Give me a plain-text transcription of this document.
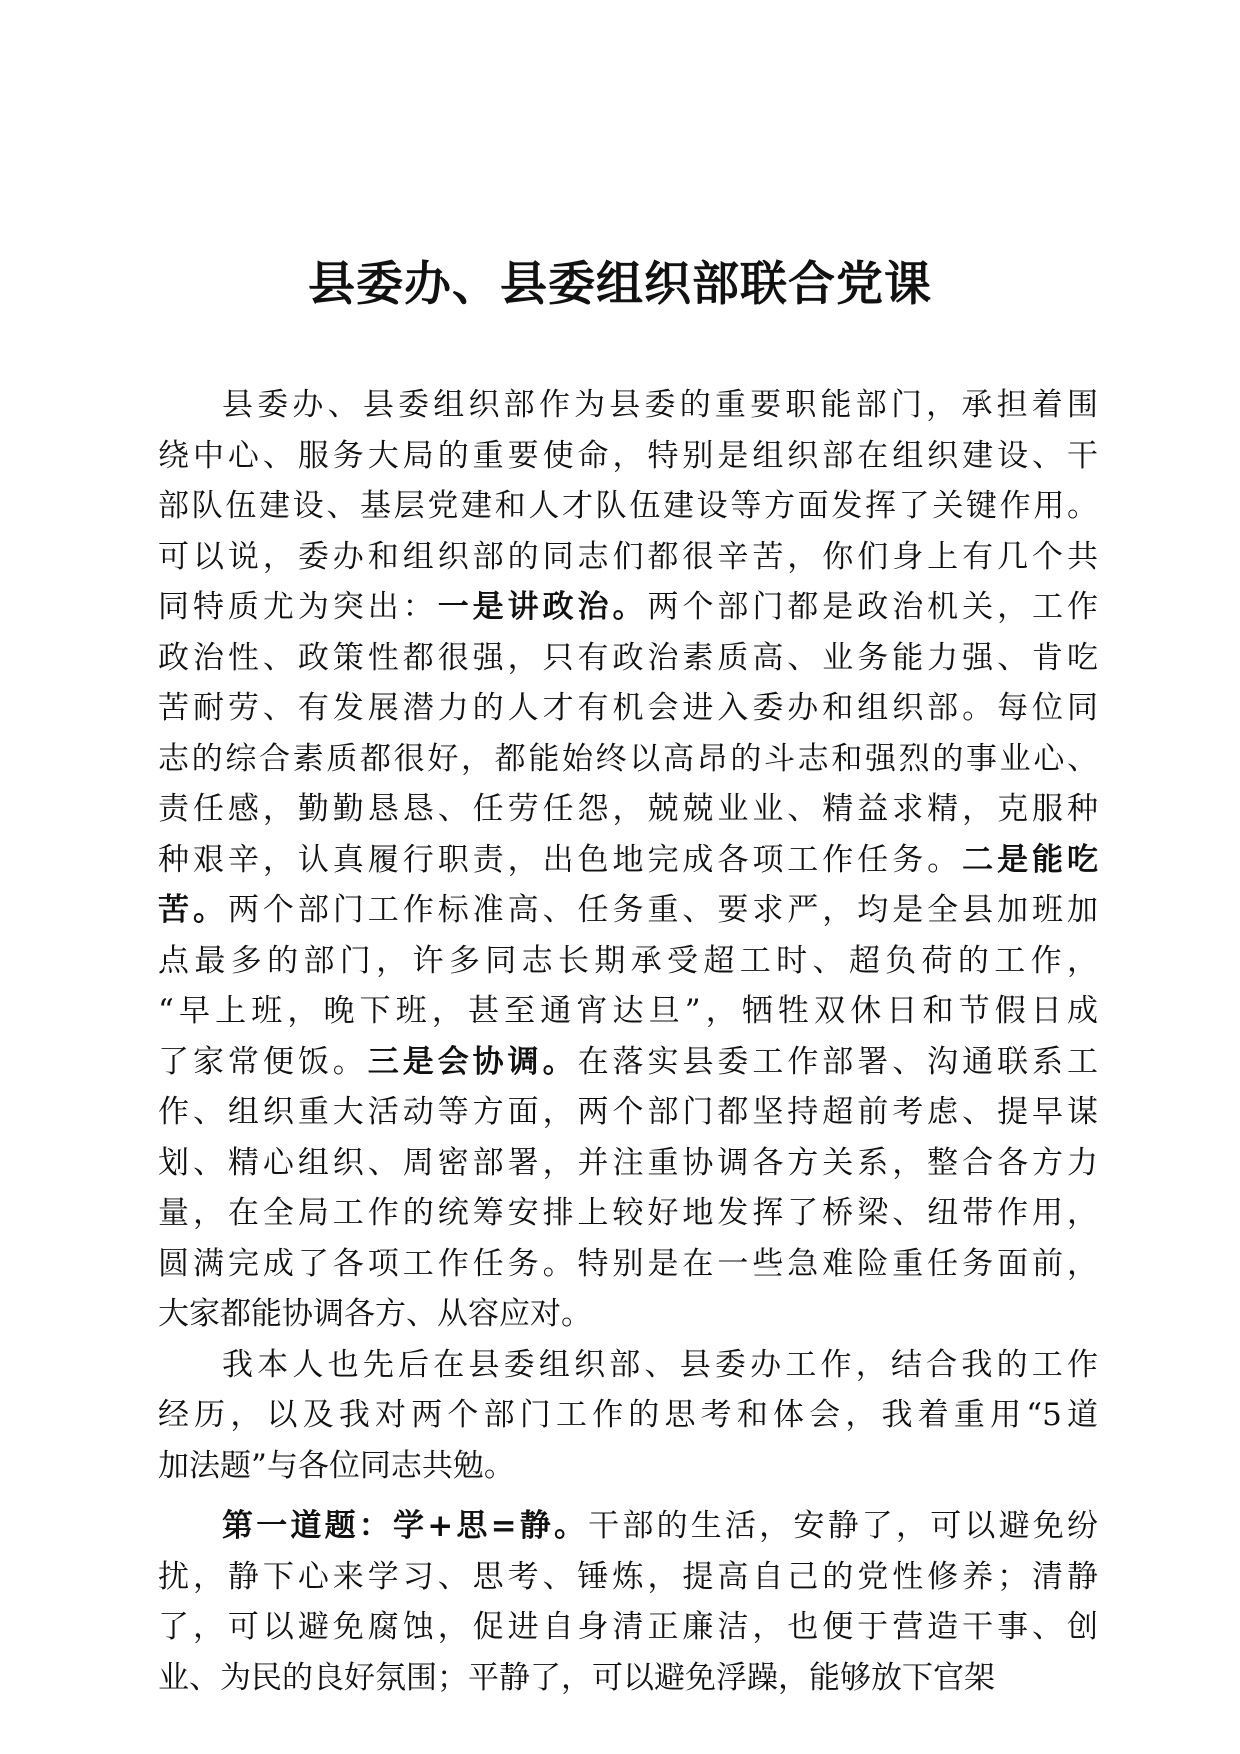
县委办、县委组织部联合党课

县委办、县委组织部作为县委的重要职能部门，承担着围
绕中心、服务大局的重要使命，特别是组织部在组织建设、干
部队伍建设、基层党建和人才队伍建设等方面发挥了关键作用。
可以说，委办和组织部的同志们都很辛苦，你们身上有几个共
同特质尤为突出：一是讲政治。两个部门都是政治机关，工作
政治性、政策性都很强，只有政治素质高、业务能力强、肯吃
苦耐劳、有发展潜力的人才有机会进入委办和组织部。每位同
志的综合素质都很好，都能始终以高昂的斗志和强烈的事业心、
责任感，勤勤恳恳、任劳任怨，兢兢业业、精益求精，克服种
种艰辛，认真履行职责，出色地完成各项工作任务。二是能吃
苦。两个部门工作标准高、任务重、要求严，均是全县加班加
点最多的部门，许多同志长期承受超工时、超负荷的工作，
“早上班，晚下班，甚至通宵达旦”，牺牲双休日和节假日成
了家常便饭。三是会协调。在落实县委工作部署、沟通联系工
作、组织重大活动等方面，两个部门都坚持超前考虑、提早谋
划、精心组织、周密部署，并注重协调各方关系，整合各方力
量，在全局工作的统筹安排上较好地发挥了桥梁、纽带作用，
圆满完成了各项工作任务。特别是在一些急难险重任务面前，
大家都能协调各方、从容应对。

我本人也先后在县委组织部、县委办工作，结合我的工作
经历，以及我对两个部门工作的思考和体会，我着重用“5道
加法题”与各位同志共勉。

第一道题：学+思=静。干部的生活，安静了，可以避免纷
扰，静下心来学习、思考、锤炼，提高自己的党性修养；清静
了，可以避免腐蚀，促进自身清正廉洁，也便于营造干事、创
业、为民的良好氛围；平静了，可以避免浮躁，能够放下官架
